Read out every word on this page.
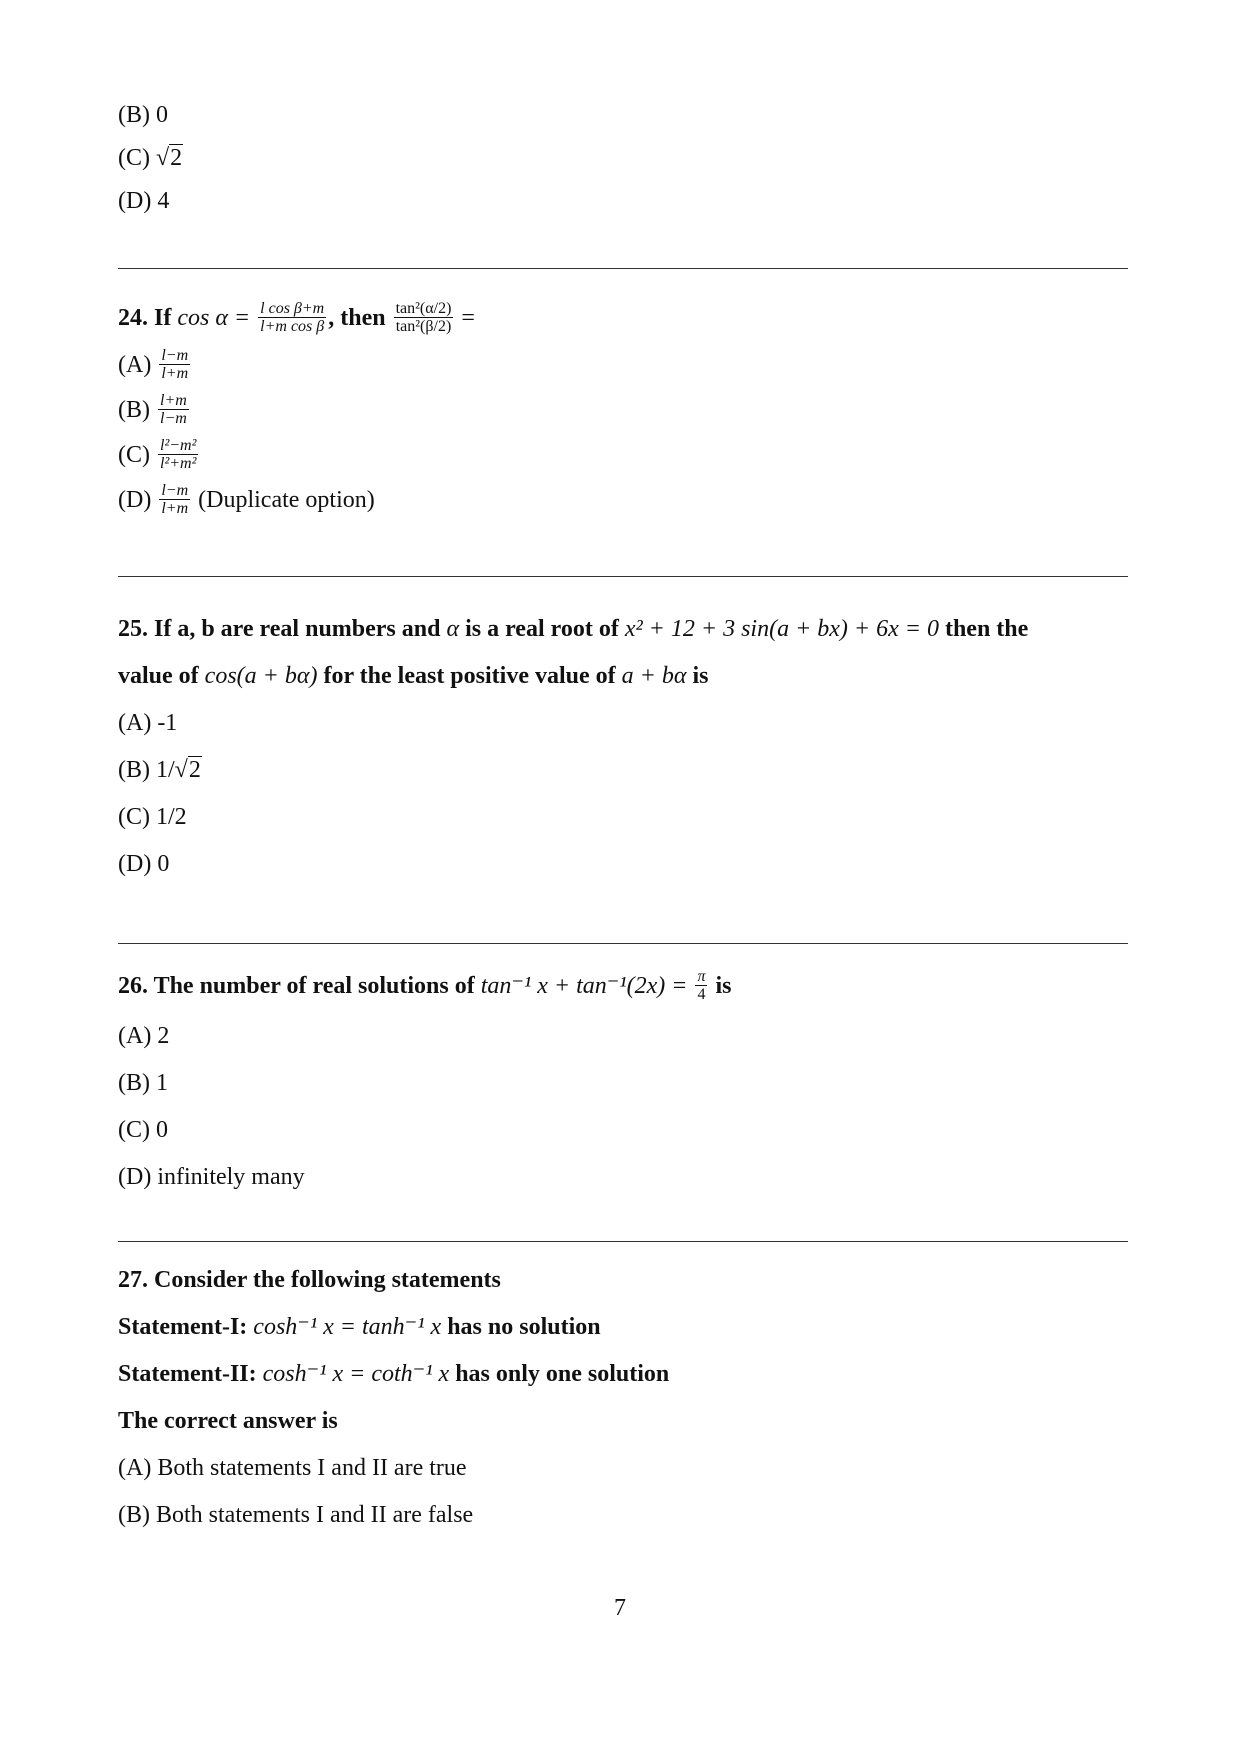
(B) 0
(C) √2
(D) 4
24. If $\cos \alpha = \frac{\text{l cos β+m}}{\text{l+m cos β}}$ , then $\frac{\text{tan²(α/2)}}{\text{tan²(β/2)}}$ =
$(A) \frac{l-m}{l+m}$
$(B) \frac{l+m}{l-m}$
$(C) \frac{\text{l²−m²}}{\text{l²+m²}}$
$(D) \frac{l-m}{l+m}$ (Duplicate option)
25. If a, b are real numbers and α is a real root of x² + 12 + 3 sin(a + bx) + 6x = 0 then the
value of cos(a + bα) for the least positive value of a + bα is
(A) -1
(B) 1/√2
(C) 1/2
(D) 0
26. The number of real solutions of tan⁻¹ $x + \tan^{-1}(2x) = \frac{\pi}{4}$ is
(A) 2
(B) 1
(C) 0
(D) infinitely many
27. Consider the following statements
Statement-I: cosh⁻¹ x = tanh⁻¹ x has no solution
Statement-II: cosh⁻¹ x = coth⁻¹ x has only one solution
The correct answer is
(A) Both statements I and II are true
(B) Both statements I and II are false
7
